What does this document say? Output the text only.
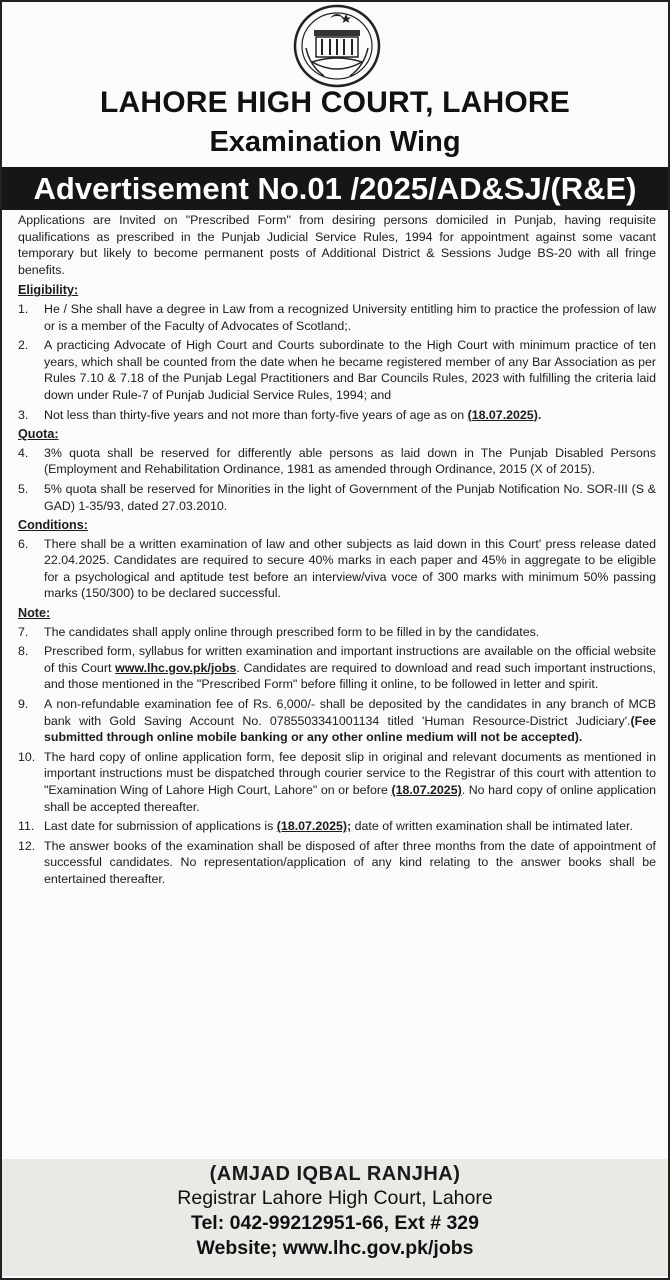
LAHORE HIGH COURT, LAHORE
Examination Wing
Advertisement No.01 /2025/AD&SJ/(R&E)

Applications are Invited on "Prescribed Form" from desiring persons domiciled in Punjab, having requisite qualifications as prescribed in the Punjab Judicial Service Rules, 1994 for appointment against some vacant temporary but likely to become permanent posts of Additional District & Sessions Judge BS-20 with all fringe benefits.

Eligibility:
1.	He / She shall have a degree in Law from a recognized University entitling him to practice the profession of law or is a member of the Faculty of Advocates of Scotland;.
2.	A practicing Advocate of High Court and Courts subordinate to the High Court with minimum practice of ten years, which shall be counted from the date when he became registered member of any Bar Association as per Rules 7.10 & 7.18 of the Punjab Legal Practitioners and Bar Councils Rules, 2023 with fulfilling the criteria laid down under Rule-7 of Punjab Judicial Service Rules, 1994; and
3.	Not less than thirty-five years and not more than forty-five years of age as on (18.07.2025).
Quota:
4.	3% quota shall be reserved for differently able persons as laid down in The Punjab Disabled Persons (Employment and Rehabilitation Ordinance, 1981 as amended through Ordinance, 2015 (X of 2015).
5.	5% quota shall be reserved for Minorities in the light of Government of the Punjab Notification No. SOR-III (S & GAD) 1-35/93, dated 27.03.2010.
Conditions:
6.	There shall be a written examination of law and other subjects as laid down in this Court' press release dated 22.04.2025. Candidates are required to secure 40% marks in each paper and 45% in aggregate to be eligible for a psychological and aptitude test before an interview/viva voce of 300 marks with minimum 50% passing marks (150/300) to be declared successful.
Note:
7.	The candidates shall apply online through prescribed form to be filled in by the candidates.
8.	Prescribed form, syllabus for written examination and important instructions are available on the official website of this Court www.lhc.gov.pk/jobs. Candidates are required to download and read such important instructions, and those mentioned in the "Prescribed Form" before filling it online, to be followed in letter and spirit.
9.	A non-refundable examination fee of Rs. 6,000/- shall be deposited by the candidates in any branch of MCB bank with Gold Saving Account No. 0785503341001134 titled 'Human Resource-District Judiciary'.(Fee submitted through online mobile banking or any other online medium will not be accepted).
10. The hard copy of online application form, fee deposit slip in original and relevant documents as mentioned in important instructions must be dispatched through courier service to the Registrar of this court with attention to "Examination Wing of Lahore High Court, Lahore" on or before (18.07.2025). No hard copy of online application shall be accepted thereafter.
11. Last date for submission of applications is (18.07.2025); date of written examination shall be intimated later.
12. The answer books of the examination shall be disposed of after three months from the date of appointment of successful candidates. No representation/application of any kind relating to the answer books shall be entertained thereafter.
(AMJAD IQBAL RANJHA)
Registrar Lahore High Court, Lahore
Tel: 042-99212951-66, Ext # 329
Website; www.lhc.gov.pk/jobs
